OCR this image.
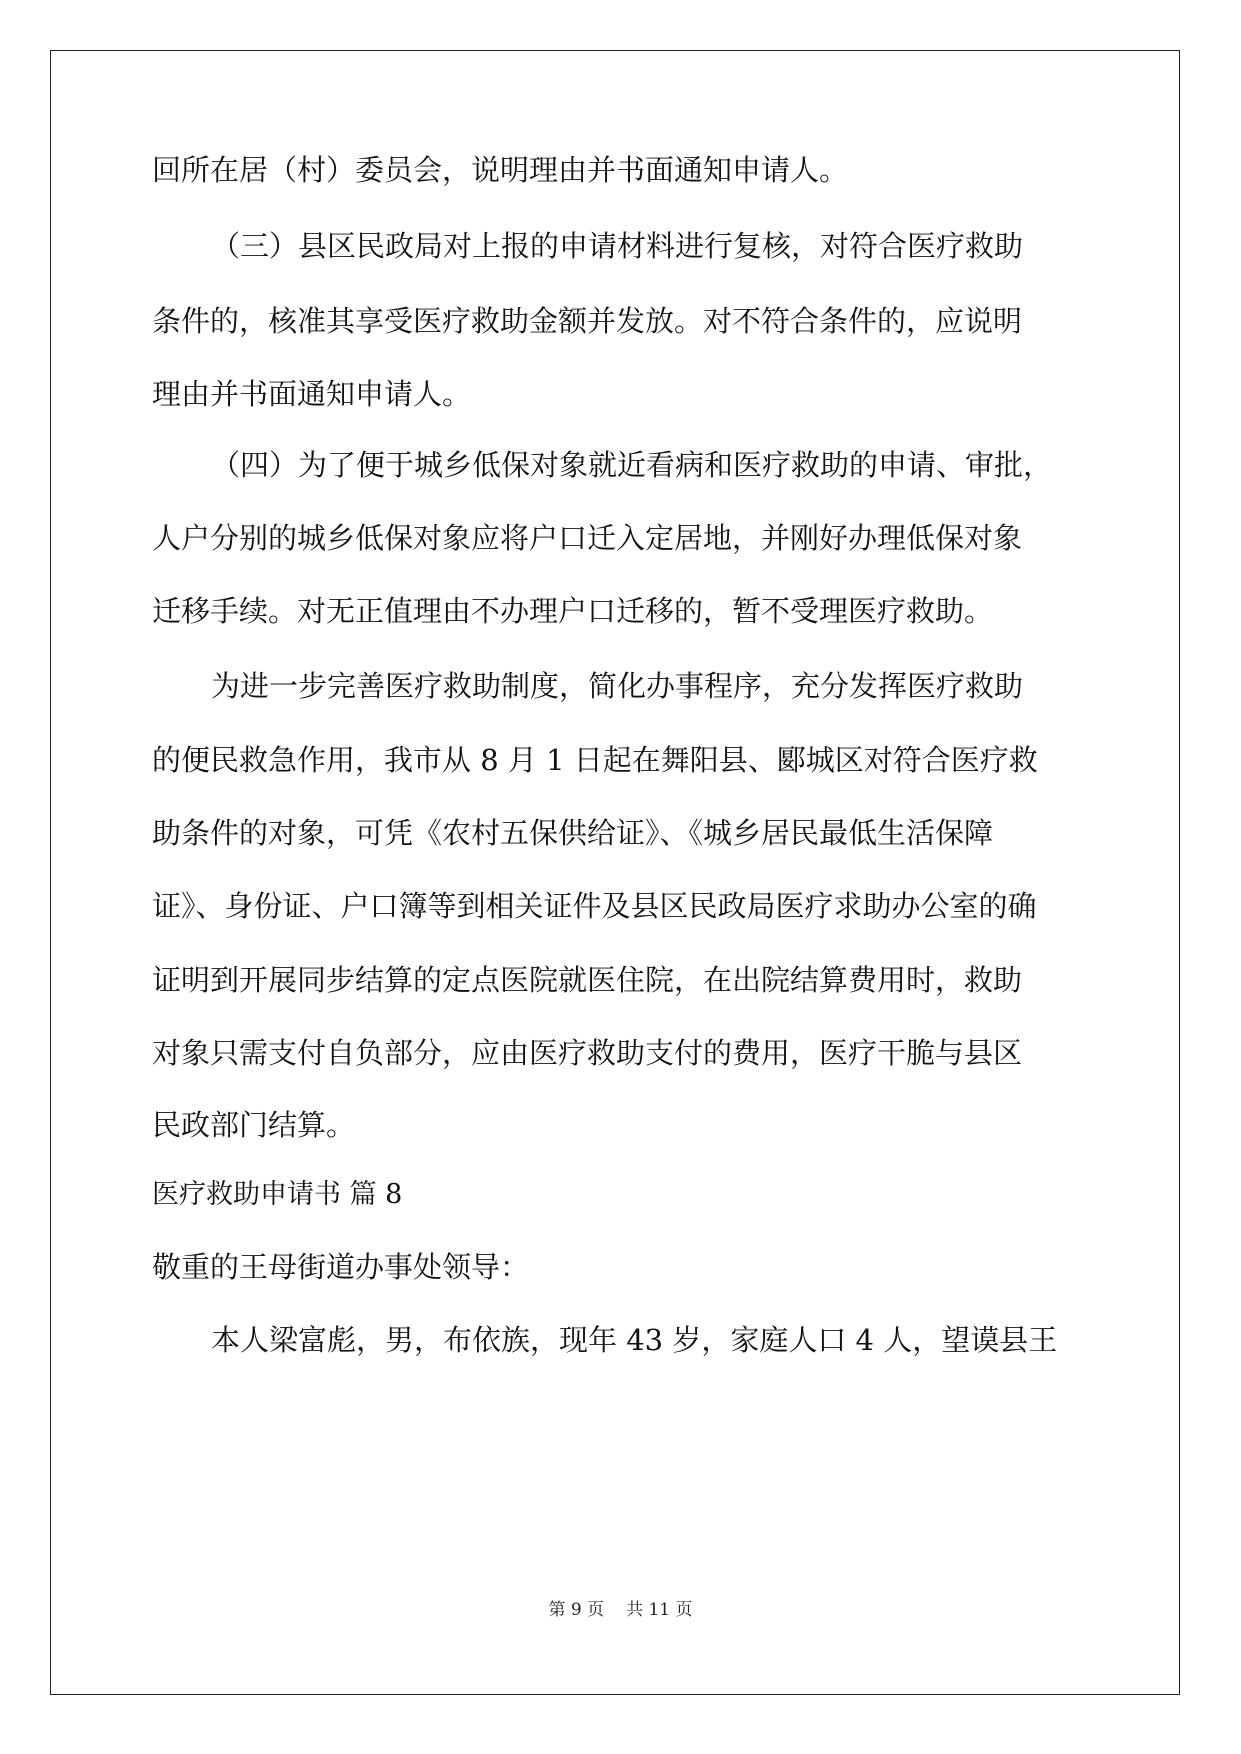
回所在居（村）委员会，说明理由并书面通知申请人。
（三）县区民政局对上报的申请材料进行复核，对符合医疗救助
条件的，核准其享受医疗救助金额并发放。对不符合条件的，应说明
理由并书面通知申请人。
（四）为了便于城乡低保对象就近看病和医疗救助的申请、审批，
人户分别的城乡低保对象应将户口迁入定居地，并刚好办理低保对象
迁移手续。对无正值理由不办理户口迁移的，暂不受理医疗救助。
为进一步完善医疗救助制度，简化办事程序，充分发挥医疗救助
的便民救急作用，我市从 8 月 1 日起在舞阳县、郾城区对符合医疗救
助条件的对象，可凭《农村五保供给证》、《城乡居民最低生活保障
证》、身份证、户口簿等到相关证件及县区民政局医疗求助办公室的确
证明到开展同步结算的定点医院就医住院，在出院结算费用时，救助
对象只需支付自负部分，应由医疗救助支付的费用，医疗干脆与县区
民政部门结算。
医疗救助申请书 篇 8
敬重的王母街道办事处领导：
本人梁富彪，男，布依族，现年 43 岁，家庭人口 4 人，望谟县王
第 9 页 共 11 页
